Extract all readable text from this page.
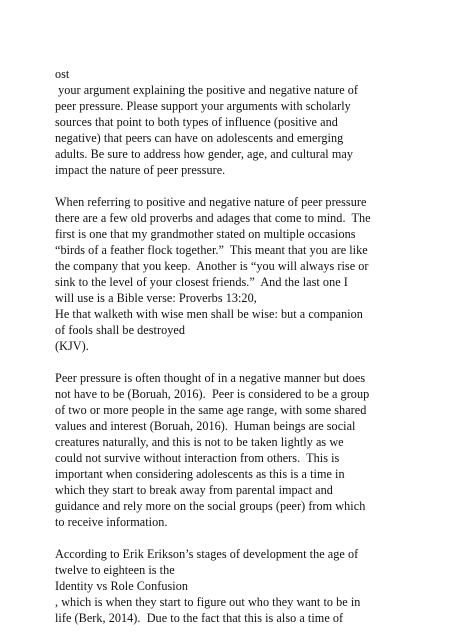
ost
your argument explaining the positive and negative nature of
peer pressure. Please support your arguments with scholarly
sources that point to both types of influence (positive and
negative) that peers can have on adolescents and emerging
adults. Be sure to address how gender, age, and cultural may
impact the nature of peer pressure.
When referring to positive and negative nature of peer pressure
there are a few old proverbs and adages that come to mind.  The
first is one that my grandmother stated on multiple occasions
“birds of a feather flock together.”  This meant that you are like
the company that you keep.  Another is “you will always rise or
sink to the level of your closest friends.”  And the last one I
will use is a Bible verse: Proverbs 13:20,
He that walketh with wise men shall be wise: but a companion
of fools shall be destroyed
(KJV).
Peer pressure is often thought of in a negative manner but does
not have to be (Boruah, 2016).  Peer is considered to be a group
of two or more people in the same age range, with some shared
values and interest (Boruah, 2016).  Human beings are social
creatures naturally, and this is not to be taken lightly as we
could not survive without interaction from others.  This is
important when considering adolescents as this is a time in
which they start to break away from parental impact and
guidance and rely more on the social groups (peer) from which
to receive information.
According to Erik Erikson’s stages of development the age of
twelve to eighteen is the
Identity vs Role Confusion
, which is when they start to figure out who they want to be in
life (Berk, 2014).  Due to the fact that this is also a time of
